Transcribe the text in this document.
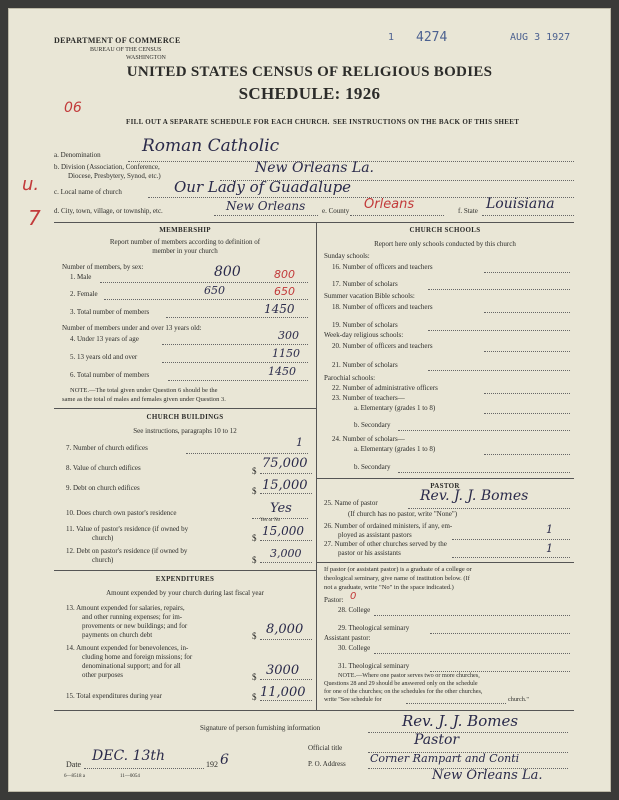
DEPARTMENT OF COMMERCE
BUREAU OF THE CENSUS
WASHINGTON
1 4274	AUG 3 1927
UNITED STATES CENSUS OF RELIGIOUS BODIES
SCHEDULE: 1926
06
FILL OUT A SEPARATE SCHEDULE FOR EACH CHURCH. SEE INSTRUCTIONS ON THE BACK OF THIS SHEET
a. Denomination Roman Catholic
b. Division (Association, Conference,
Diocese, Presbytery, Synod, etc.)	New Orleans La.
c. Local name of church	Our Lady of Guadalupe
d. City, town, village, or township, etc.	New Orleans e. County Orleans	f. State Louisiana
u.
7	MEMBERSHIP
Report number of members according to definition of
member in your church
Number of members, by sex:
1. Male	800	800
2. Female	650	650
3. Total number of members	1450
Number of members under and over 13 years old:
4. Under 13 years of age	300
5. 13 years old and over	1150
6. Total number of members	1450
NOTE.—The total given under Question 6 should be the
same as the total of males and females given under Question 3.
CHURCH BUILDINGS
See instructions, paragraphs 10 to 12
7. Number of church edifices	1
8. Value of church edifices	$ 75,000
9. Debt on church edifices	$ 15,000
10. Does church own pastor's residence	Yes
Yes or No
11. Value of pastor's residence (if owned by
church)	$ 15,000
12. Debt on pastor's residence (if owned by
church)	$ 3,000
EXPENDITURES
Amount expended by your church during last fiscal year
13. Amount expended for salaries, repairs,
and other running expenses; for im-
provements or new buildings; and for
payments on church debt	$ 8,000
14. Amount expended for benevolences, in-
cluding home and foreign missions; for
denominational support; and for all
other purposes	$ 3000
15. Total expenditures during year	$ 11,000
CHURCH SCHOOLS
Report here only schools conducted by this church
Sunday schools:
16. Number of officers and teachers
17. Number of scholars
Summer vacation Bible schools:
18. Number of officers and teachers
19. Number of scholars
Week-day religious schools:
20. Number of officers and teachers
21. Number of scholars
Parochial schools:
22. Number of administrative officers
23. Number of teachers—
a. Elementary (grades 1 to 8)
b. Secondary
24. Number of scholars—
a. Elementary (grades 1 to 8)
b. Secondary
PASTOR
25. Name of pastor	Rev. J. J. Bomes
(If church has no pastor, write "None")
26. Number of ordained ministers, if any, em-
ployed as assistant pastors	1
27. Number of other churches served by the
pastor or his assistants	1
If pastor (or assistant pastor) is a graduate of a college or
theological seminary, give name of institution below. (If
not a graduate, write "No" in the space indicated.)
Pastor: 0
28. College
29. Theological seminary
Assistant pastor:
30. College
31. Theological seminary
NOTE.—Where one pastor serves two or more churches,
Questions 28 and 29 should be answered only on the schedule
for one of the churches; on the schedules for the other churches,
write "See schedule for	church."
Signature of person furnishing information	Rev. J. J. Bomes
Official title	Pastor
Date
DEC. 13th
192 6	P. O. Address Corner Rampart and Conti
New Orleans La.
6—8518 a	11—0054
